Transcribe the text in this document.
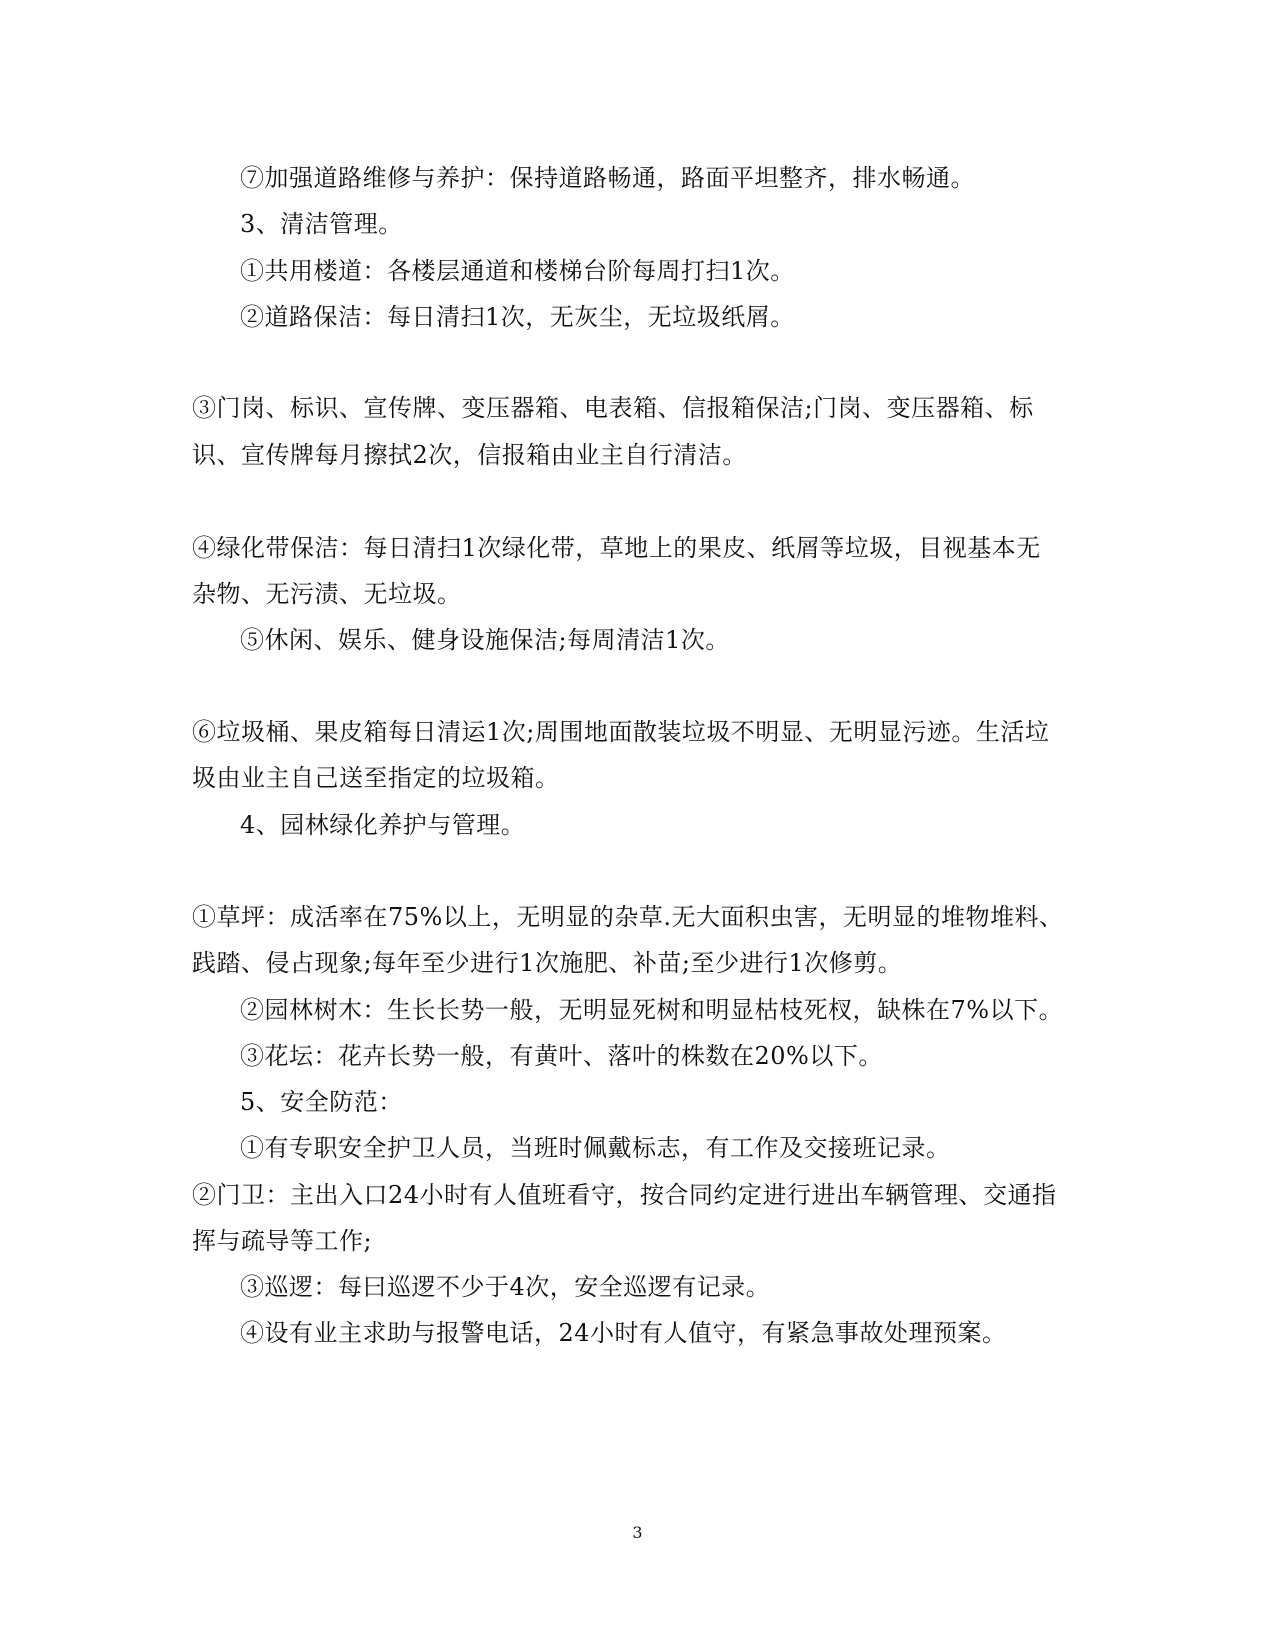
⑦加强道路维修与养护：保持道路畅通，路面平坦整齐，排水畅通。
3、清洁管理。
①共用楼道：各楼层通道和楼梯台阶每周打扫1次。
②道路保洁：每日清扫1次，无灰尘，无垃圾纸屑。
③门岗、标识、宣传牌、变压器箱、电表箱、信报箱保洁;门岗、变压器箱、标
识、宣传牌每月擦拭2次，信报箱由业主自行清洁。
④绿化带保洁：每日清扫1次绿化带，草地上的果皮、纸屑等垃圾，目视基本无
杂物、无污渍、无垃圾。
⑤休闲、娱乐、健身设施保洁;每周清洁1次。
⑥垃圾桶、果皮箱每日清运1次;周围地面散装垃圾不明显、无明显污迹。生活垃
圾由业主自己送至指定的垃圾箱。
4、园林绿化养护与管理。
①草坪：成活率在75%以上，无明显的杂草.无大面积虫害，无明显的堆物堆料、
践踏、侵占现象;每年至少进行1次施肥、补苗;至少进行1次修剪。
②园林树木：生长长势一般，无明显死树和明显枯枝死杈，缺株在7%以下。
③花坛：花卉长势一般，有黄叶、落叶的株数在20%以下。
5、安全防范：
①有专职安全护卫人员，当班时佩戴标志，有工作及交接班记录。
②门卫：主出入口24小时有人值班看守，按合同约定进行进出车辆管理、交通指
挥与疏导等工作;
③巡逻：每曰巡逻不少于4次，安全巡逻有记录。
④设有业主求助与报警电话，24小时有人值守，有紧急事故处理预案。
3
